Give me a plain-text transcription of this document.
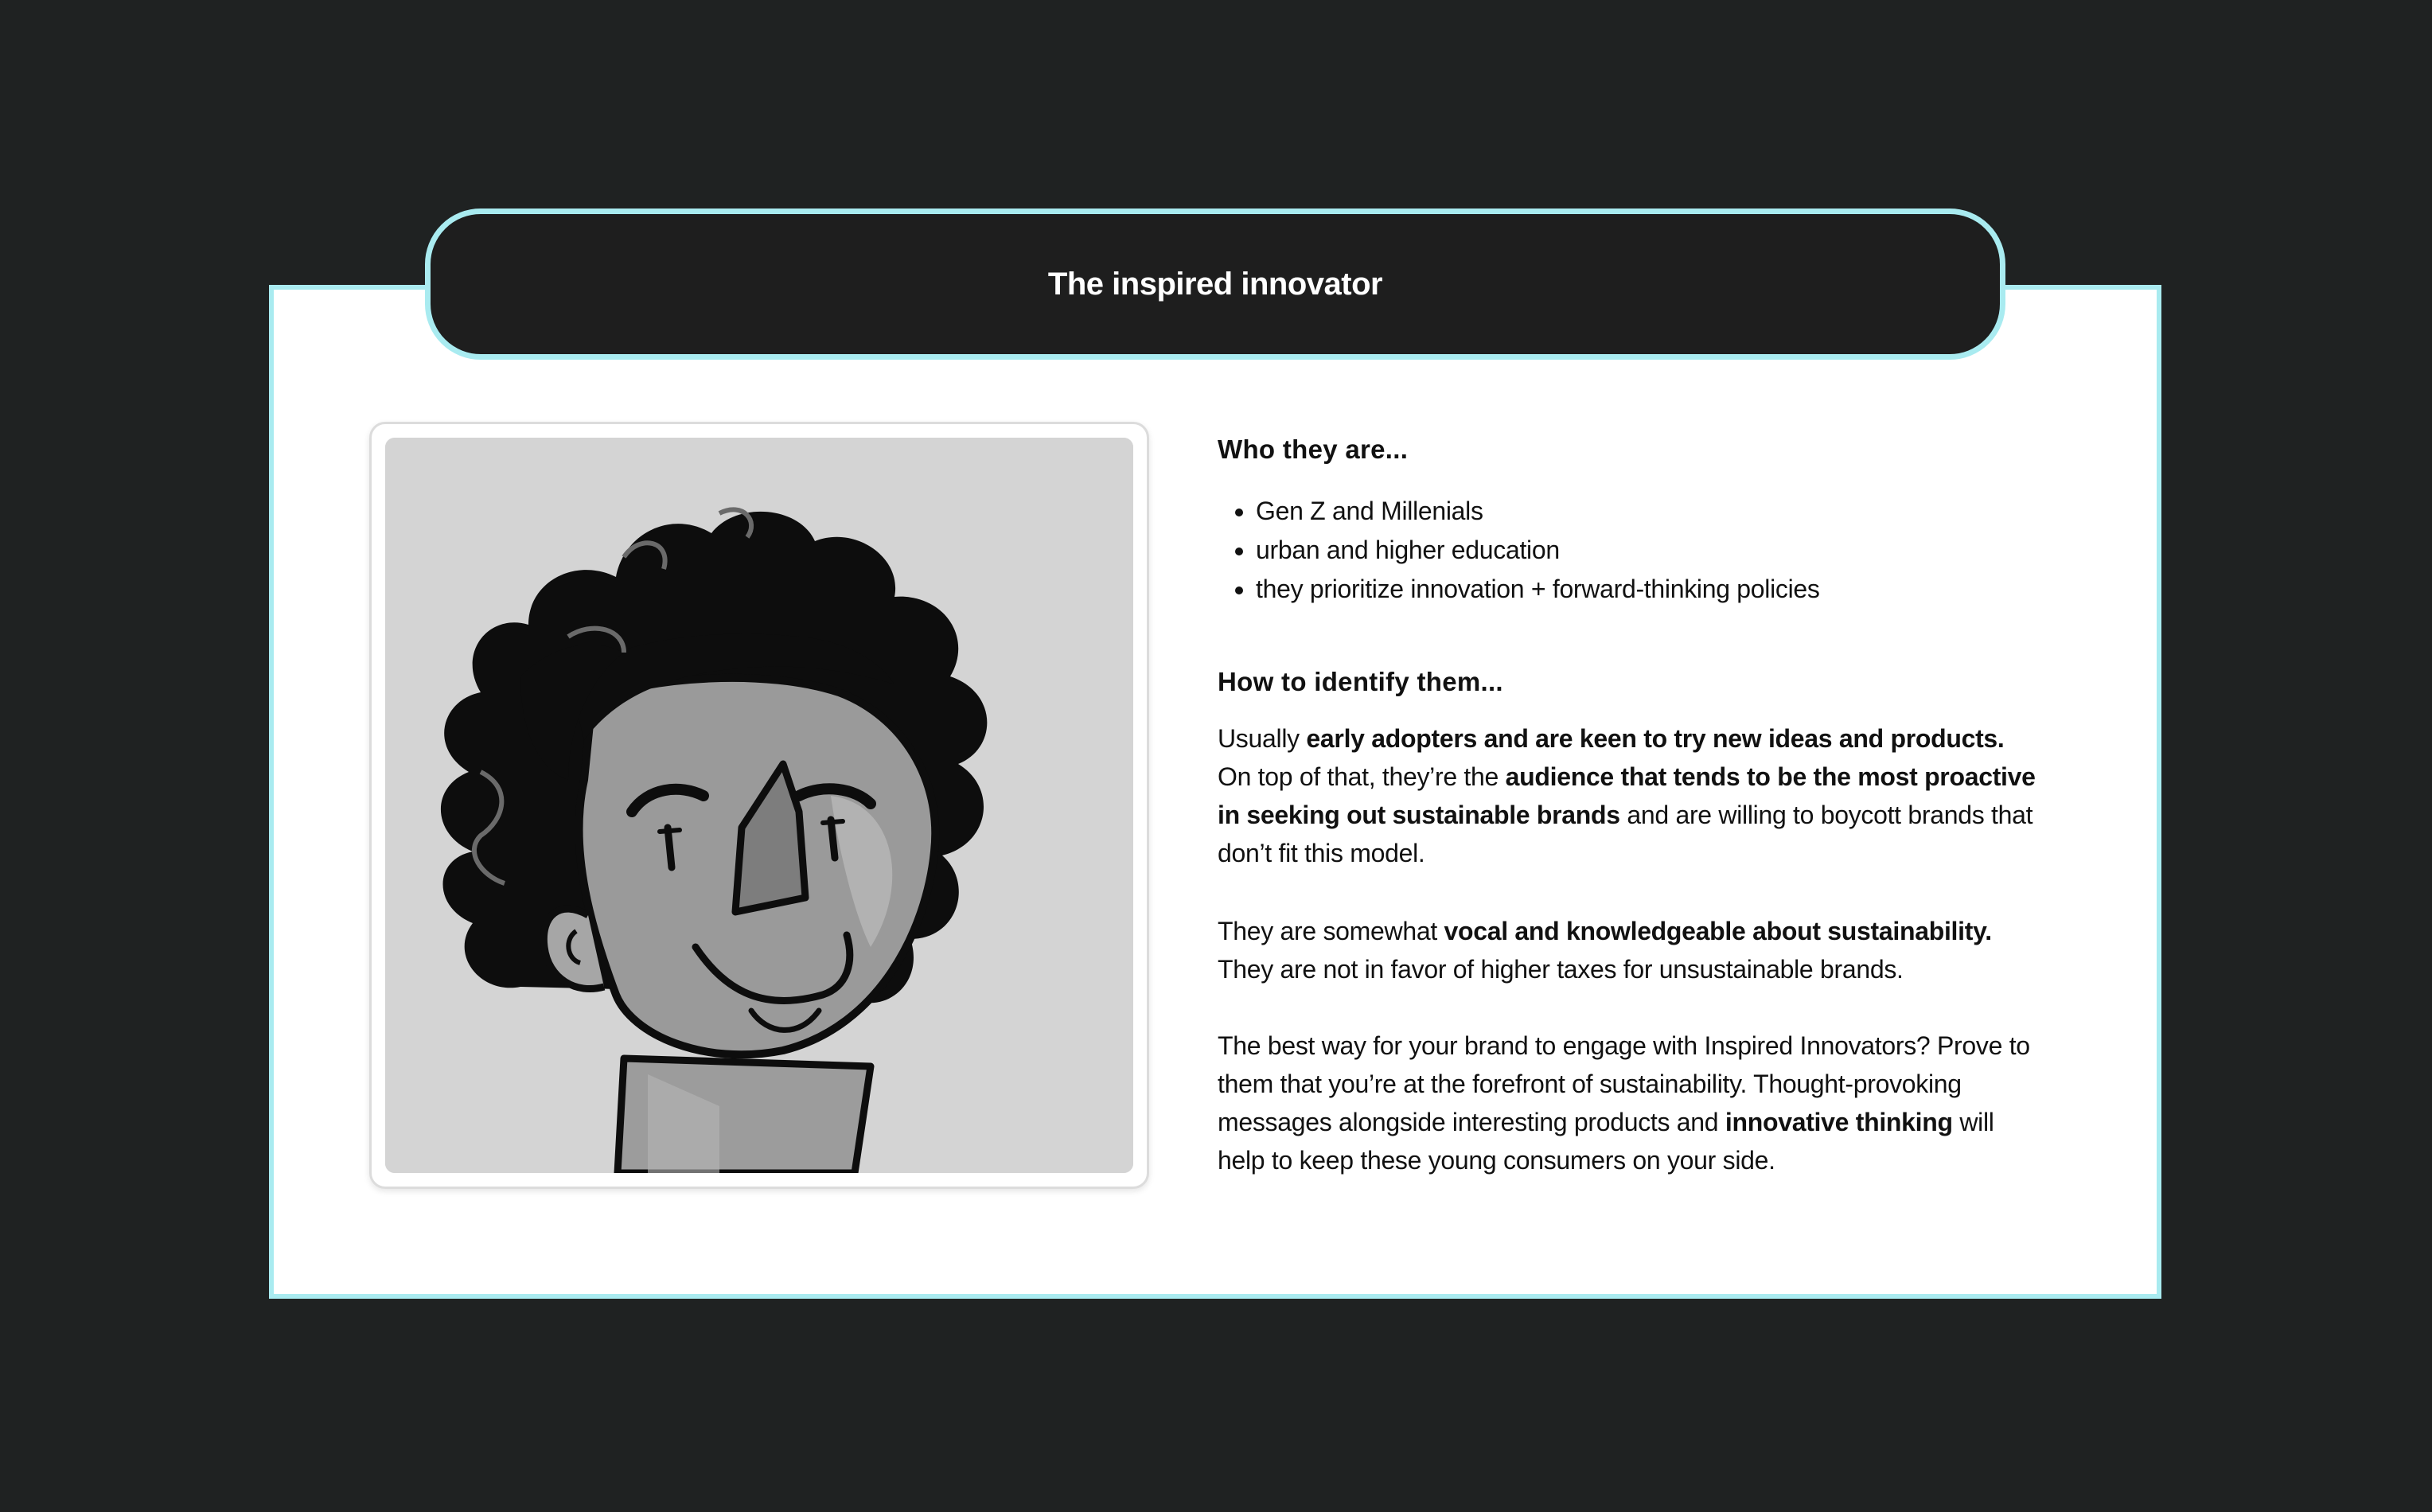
The inspired innovator
Who they are...
• Gen Z and Millenials
• urban and higher education
• they prioritize innovation + forward-thinking policies
How to identify them...

Usually early adopters and are keen to try new ideas and products. On top of that, they’re the audience that tends to be the most proactive in seeking out sustainable brands and are willing to boycott brands that don’t fit this model.

They are somewhat vocal and knowledgeable about sustainability. They are not in favor of higher taxes for unsustainable brands.

The best way for your brand to engage with Inspired Innovators? Prove to them that you’re at the forefront of sustainability. Thought-provoking messages alongside interesting products and innovative thinking will help to keep these young consumers on your side.
